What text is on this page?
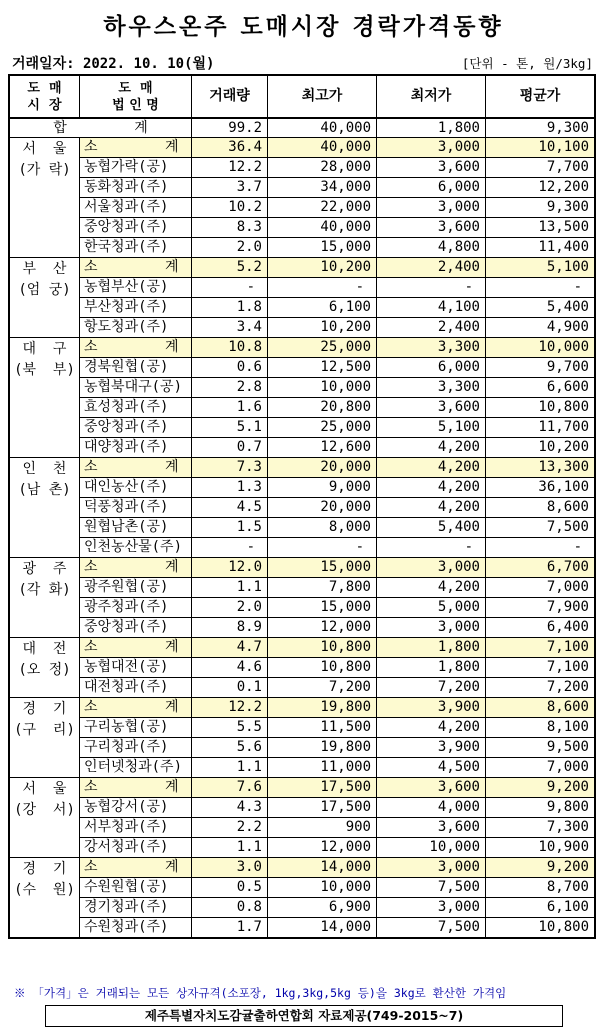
하우스온주 도매시장 경락가격동향
거래일자: 2022. 10. 10(월)	[단위 - 톤, 원/3kg]
도  매
시  장	도  매
법 인 명	거래량	최고가	최저가	평균가
합        계		99.2	40,000	1,800	9,300
서  울
(가 락)	소        계	36.4	40,000	3,000	10,100
	농협가락(공)	12.2	28,000	3,600	7,700
	동화청과(주)	3.7	34,000	6,000	12,200
	서울청과(주)	10.2	22,000	3,000	9,300
	중앙청과(주)	8.3	40,000	3,600	13,500
	한국청과(주)	2.0	15,000	4,800	11,400
부  산
(엄 궁)	소        계	5.2	10,200	2,400	5,100
	농협부산(공)	-	-	-	-
	부산청과(주)	1.8	6,100	4,100	5,400
	항도청과(주)	3.4	10,200	2,400	4,900
대  구
(북  부)	소        계	10.8	25,000	3,300	10,000
	경북원협(공)	0.6	12,500	6,000	9,700
	농협북대구(공)	2.8	10,000	3,300	6,600
	효성청과(주)	1.6	20,800	3,600	10,800
	중앙청과(주)	5.1	25,000	5,100	11,700
	대양청과(주)	0.7	12,600	4,200	10,200
인  천
(남 촌)	소        계	7.3	20,000	4,200	13,300
	대인농산(주)	1.3	9,000	4,200	36,100
	덕풍청과(주)	4.5	20,000	4,200	8,600
	원협남촌(공)	1.5	8,000	5,400	7,500
	인천농산물(주)	-	-	-	-
광  주
(각 화)	소        계	12.0	15,000	3,000	6,700
	광주원협(공)	1.1	7,800	4,200	7,000
	광주청과(주)	2.0	15,000	5,000	7,900
	중앙청과(주)	8.9	12,000	3,000	6,400
대  전
(오 정)	소        계	4.7	10,800	1,800	7,100
	농협대전(공)	4.6	10,800	1,800	7,100
	대전청과(주)	0.1	7,200	7,200	7,200
경  기
(구  리)	소        계	12.2	19,800	3,900	8,600
	구리농협(공)	5.5	11,500	4,200	8,100
	구리청과(주)	5.6	19,800	3,900	9,500
	인터넷청과(주)	1.1	11,000	4,500	7,000
서  울
(강  서)	소        계	7.6	17,500	3,600	9,200
	농협강서(공)	4.3	17,500	4,000	9,800
	서부청과(주)	2.2	900	3,600	7,300
	강서청과(주)	1.1	12,000	10,000	10,900
경  기
(수  원)	소        계	3.0	14,000	3,000	9,200
	수원원협(공)	0.5	10,000	7,500	8,700
	경기청과(주)	0.8	6,900	3,000	6,100
	수원청과(주)	1.7	14,000	7,500	10,800
※ 「가격」은 거래되는 모든 상자규격(소포장, 1kg,3kg,5kg 등)을 3kg로 환산한 가격임
제주특별자치도감귤출하연합회 자료제공(749-2015~7)
